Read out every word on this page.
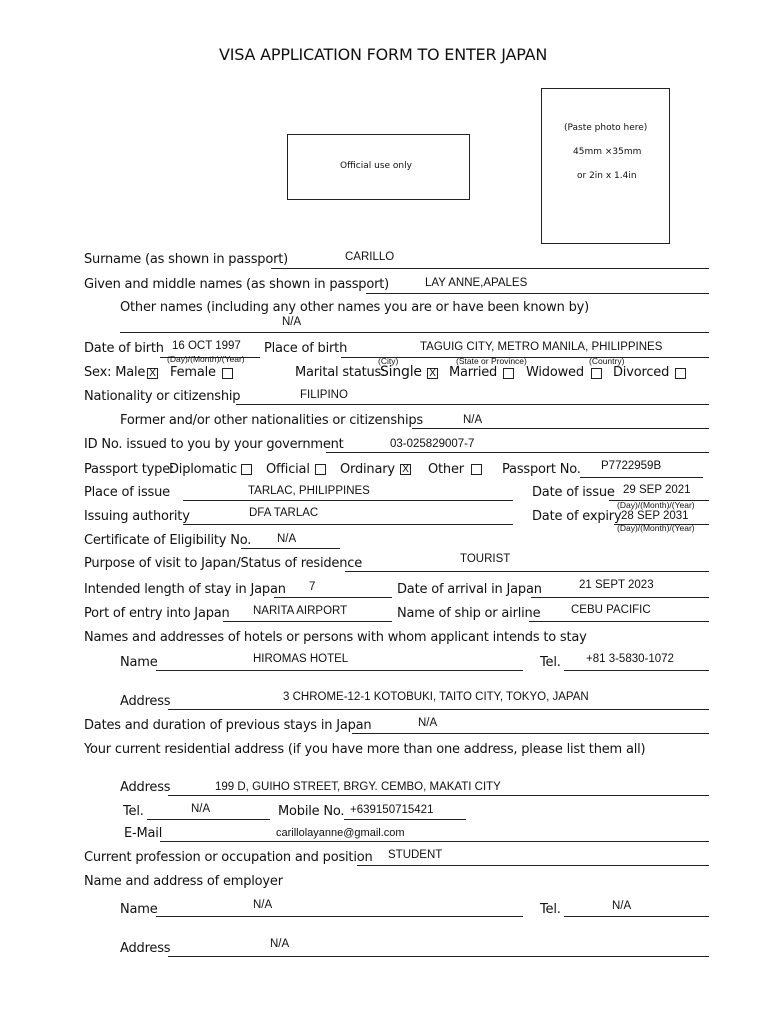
VISA APPLICATION FORM TO ENTER JAPAN
Official use only
(Paste photo here)
45mm ×35mm
or 2in x 1.4in
Surname (as shown in passport)	CARILLO
Given and middle names (as shown in passport)	LAY ANNE,APALES
Other names (including any other names you are or have been known by)
N/A
Date of birth 16 OCT 1997
(Day)/(Month)/(Year)
Place of birth	TAGUIG CITY, METRO MANILA, PHILIPPINES
(City)	(State or Province)	(Country)
Sex: Male X Female	Marital status:
Single X Married Widowed Divorced
Nationality or citizenship	FILIPINO
Former and/or other nationalities or citizenships	N/A
ID No. issued to you by your government	03-025829007-7
Passport type:
Diplomatic Official Ordinary X Other	Passport No. P7722959B
Place of issue	TARLAC, PHILIPPINES	Date of issue 29 SEP 2021
(Day)/(Month)/(Year)
Issuing authority	DFA TARLAC	Date of expiry 28 SEP 2031
(Day)/(Month)/(Year)
Certificate of Eligibility No. N/A
Purpose of visit to Japan/Status of residence	TOURIST
Intended length of stay in Japan 7	Date of arrival in Japan	21 SEPT 2023
Port of entry into Japan NARITA AIRPORT	Name of ship or airline	CEBU PACIFIC
Names and addresses of hotels or persons with whom applicant intends to stay
Name	HIROMAS HOTEL	Tel. +81 3-5830-1072
Address	3 CHROME-12-1 KOTOBUKI, TAITO CITY, TOKYO, JAPAN
Dates and duration of previous stays in Japan	N/A
Your current residential address (if you have more than one address, please list them all)
Address	199 D, GUIHO STREET, BRGY. CEMBO, MAKATI CITY
Tel.	N/A	Mobile No. +639150715421
E-Mail	carillolayanne@gmail.com
Current profession or occupation and position STUDENT
Name and address of employer
Name	N/A	Tel.	N/A
Address	N/A
